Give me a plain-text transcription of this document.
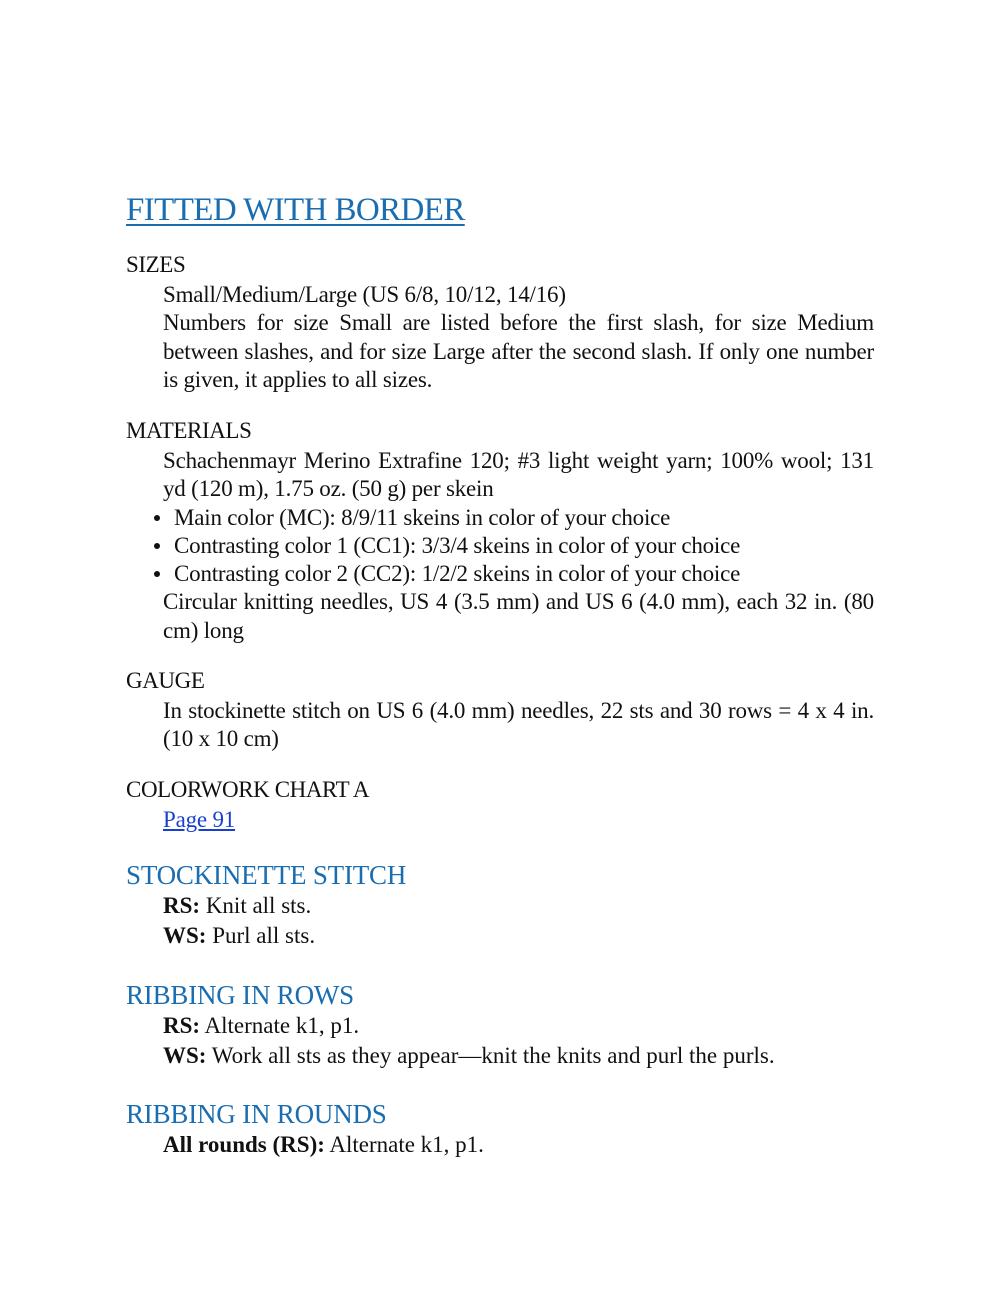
FITTED WITH BORDER

SIZES

Small/Medium/Large (US 6/8, 10/12, 14/16)

Numbers for size Small are listed before the first slash, for size Medium between slashes, and for size Large after the second slash. If only one number is given, it applies to all sizes.

MATERIALS

Schachenmayr Merino Extrafine 120; #3 light weight yarn; 100% wool; 131 yd (120 m), 1.75 oz. (50 g) per skein

Main color (MC): 8/9/11 skeins in color of your choice
Contrasting color 1 (CC1): 3/3/4 skeins in color of your choice
Contrasting color 2 (CC2): 1/2/2 skeins in color of your choice

Circular knitting needles, US 4 (3.5 mm) and US 6 (4.0 mm), each 32 in. (80 cm) long

GAUGE

In stockinette stitch on US 6 (4.0 mm) needles, 22 sts and 30 rows = 4 x 4 in. (10 x 10 cm)

COLORWORK CHART A

Page 91

STOCKINETTE STITCH
RS: Knit all sts.
WS: Purl all sts.
RIBBING IN ROWS
RS: Alternate k1, p1.
WS: Work all sts as they appear—knit the knits and purl the purls.
RIBBING IN ROUNDS
All rounds (RS): Alternate k1, p1.
